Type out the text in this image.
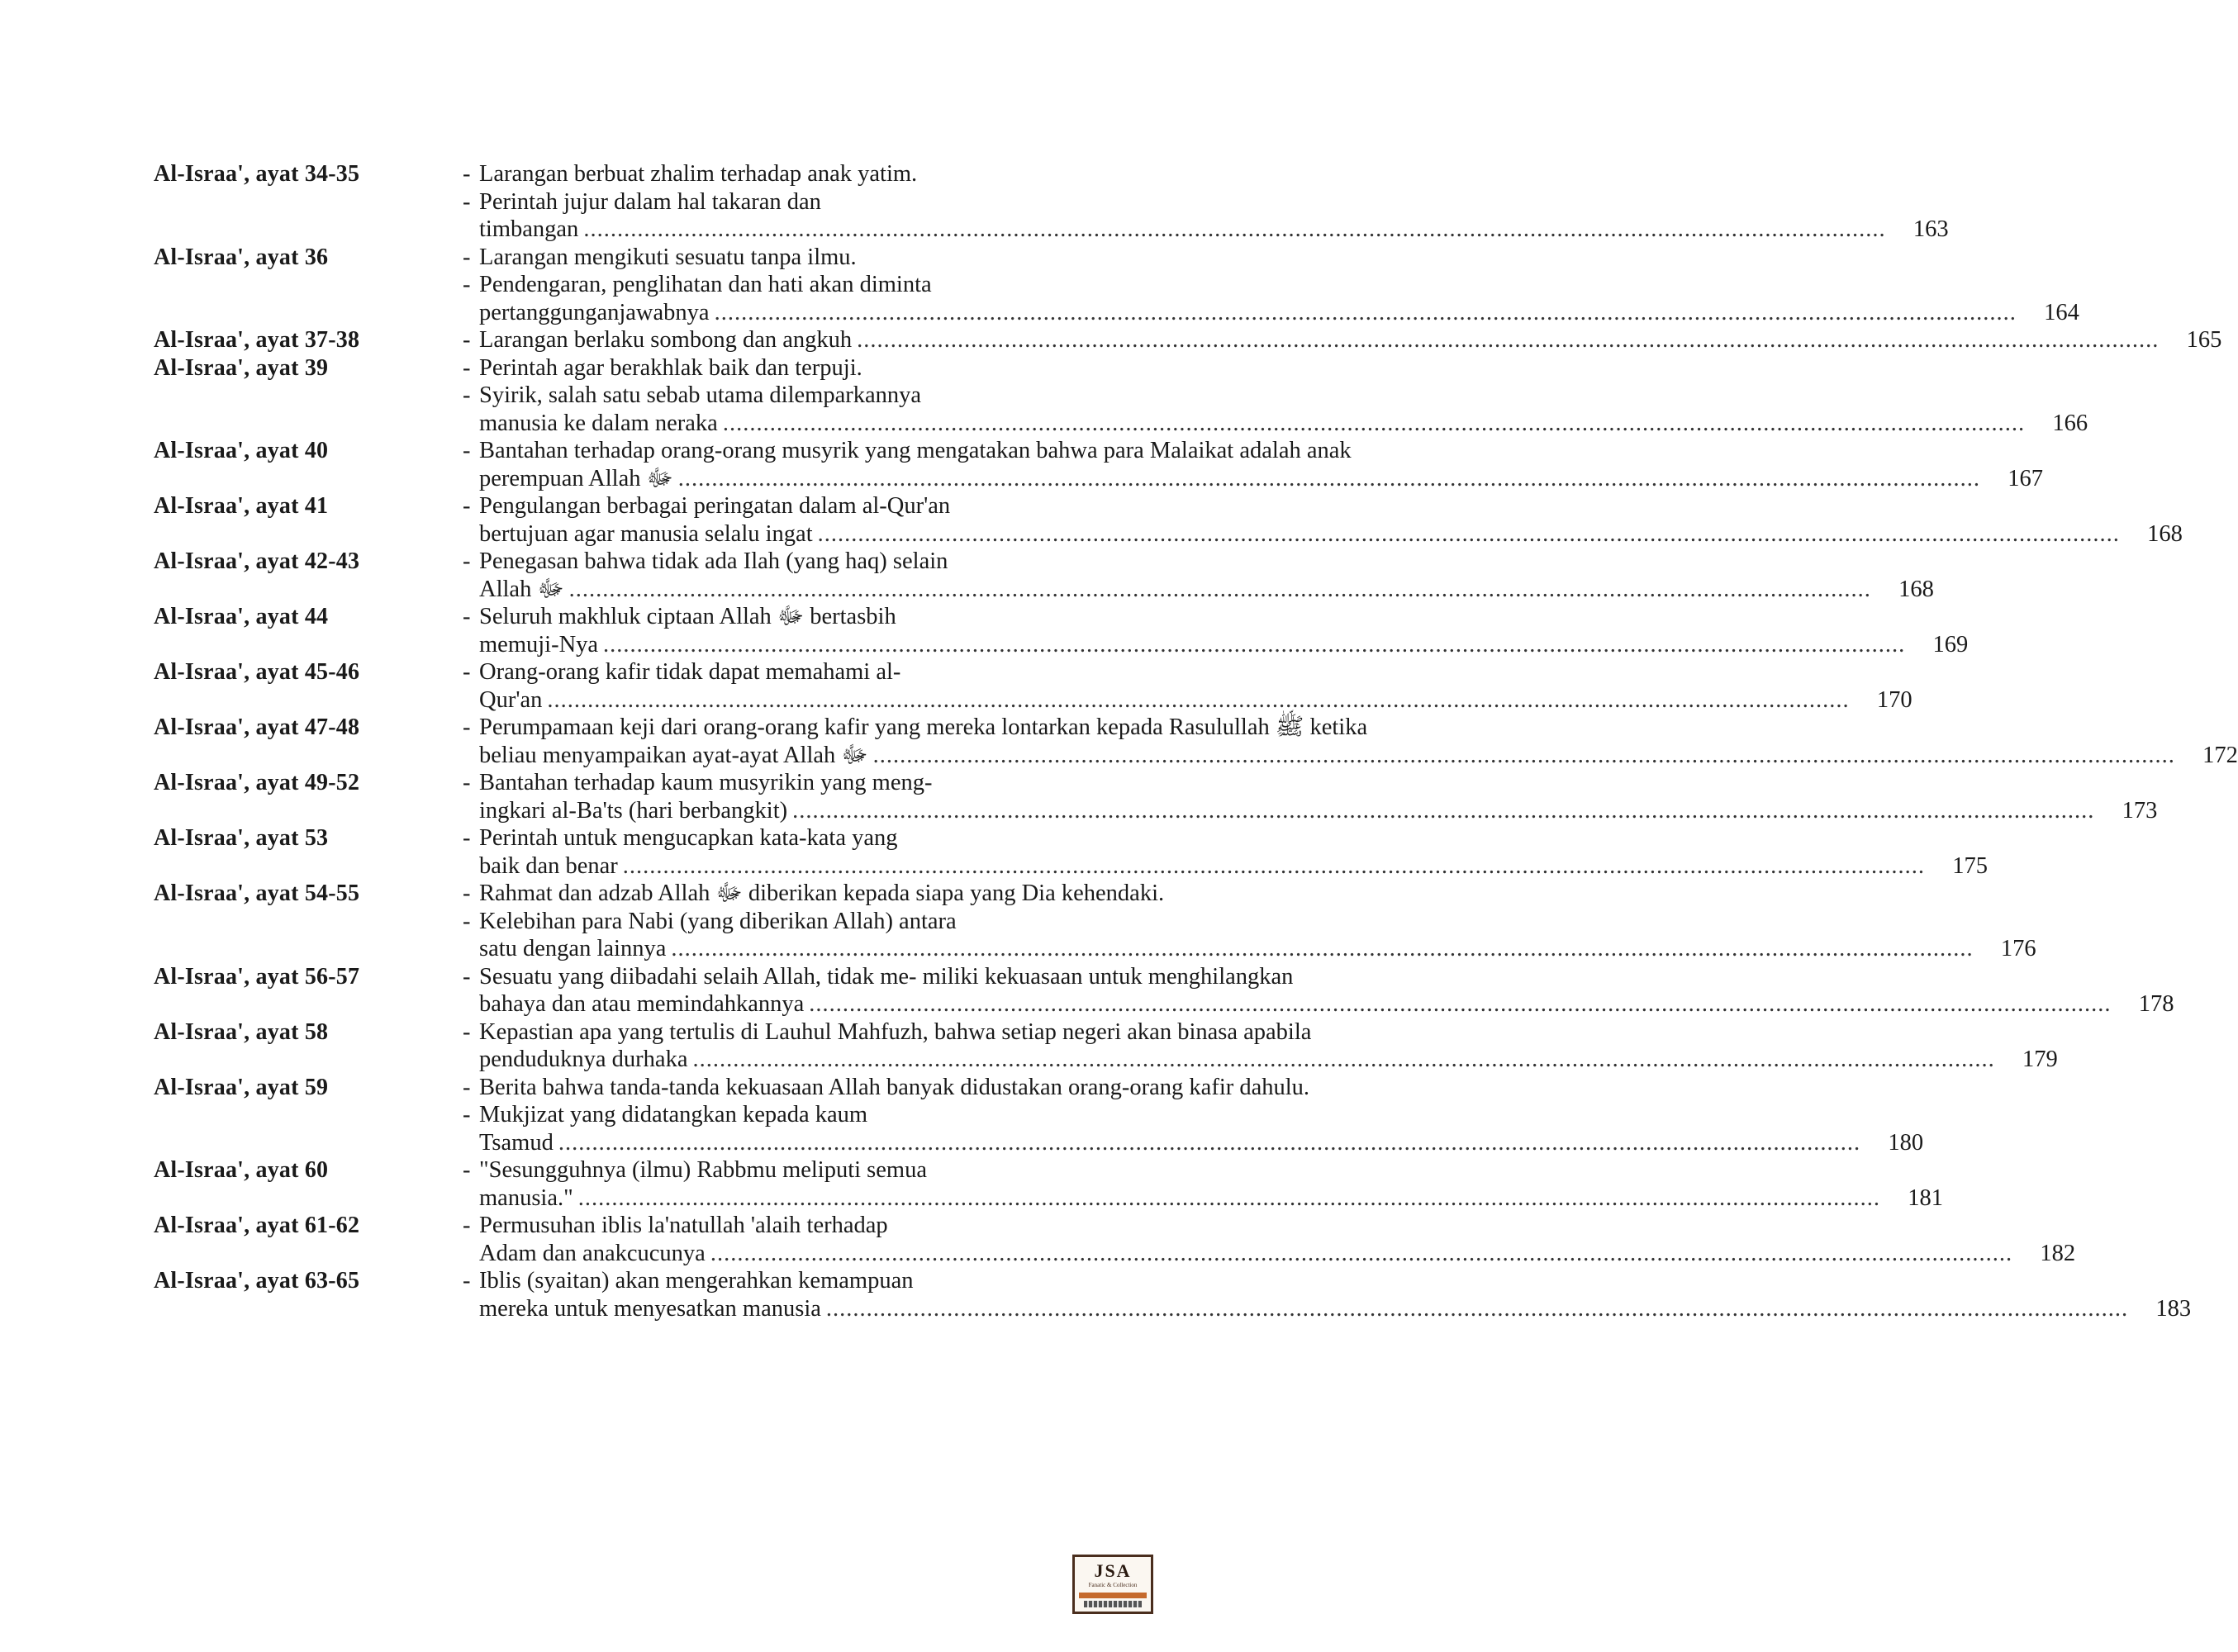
Al-Israa', ayat 34-35	- Larangan berbuat zhalim terhadap anak yatim.
- Perintah jujur dalam hal takaran dan
timbangan .....	163
Al-Israa', ayat 36	- Larangan mengikuti sesuatu tanpa ilmu.
- Pendengaran, penglihatan dan hati akan diminta
pertanggunganjawabnya .....	164
Al-Israa', ayat 37-38	- Larangan berlaku sombong dan angkuh .....	165
Al-Israa', ayat 39	- Perintah agar berakhlak baik dan terpuji.
- Syirik, salah satu sebab utama dilemparkannya
manusia ke dalam neraka .....	166
Al-Israa', ayat 40	- Bantahan terhadap orang-orang musyrik yang mengatakan bahwa para Malaikat adalah anak
perempuan Allah ﷻ .....	167
Al-Israa', ayat 41	- Pengulangan berbagai peringatan dalam al-Qur'an
bertujuan agar manusia selalu ingat .....	168
Al-Israa', ayat 42-43	- Penegasan bahwa tidak ada Ilah (yang haq) selain
Allah ﷻ .....	168
Al-Israa', ayat 44	- Seluruh makhluk ciptaan Allah ﷻ bertasbih
memuji-Nya .....	169
Al-Israa', ayat 45-46	- Orang-orang kafir tidak dapat memahami al-
Qur'an .....	170
Al-Israa', ayat 47-48	- Perumpamaan keji dari orang-orang kafir yang mereka lontarkan kepada Rasulullah ﷺ ketika
beliau menyampaikan ayat-ayat Allah ﷻ .....	172
Al-Israa', ayat 49-52	- Bantahan terhadap kaum musyrikin yang meng-
ingkari al-Ba'ts (hari berbangkit) .....	173
Al-Israa', ayat 53	- Perintah untuk mengucapkan kata-kata yang
baik dan benar .....	175
Al-Israa', ayat 54-55	- Rahmat dan adzab Allah ﷻ diberikan kepada siapa yang Dia kehendaki.
- Kelebihan para Nabi (yang diberikan Allah) antara
satu dengan lainnya .....	176
Al-Israa', ayat 56-57	- Sesuatu yang diibadahi selaih Allah, tidak me- miliki kekuasaan untuk menghilangkan
bahaya dan atau memindahkannya .....	178
Al-Israa', ayat 58	- Kepastian apa yang tertulis di Lauhul Mahfuzh, bahwa setiap negeri akan binasa apabila
penduduknya durhaka .....	179
Al-Israa', ayat 59	- Berita bahwa tanda-tanda kekuasaan Allah banyak didustakan orang-orang kafir dahulu.
- Mukjizat yang didatangkan kepada kaum
Tsamud .....	180
Al-Israa', ayat 60	- "Sesungguhnya (ilmu) Rabbmu meliputi semua
manusia." .....	181
Al-Israa', ayat 61-62	- Permusuhan iblis la'natullah 'alaih terhadap
Adam dan anakcucunya .....	182
Al-Israa', ayat 63-65	- Iblis (syaitan) akan mengerahkan kemampuan
mereka untuk menyesatkan manusia .....	183
JSA
Fanatic & Collection
